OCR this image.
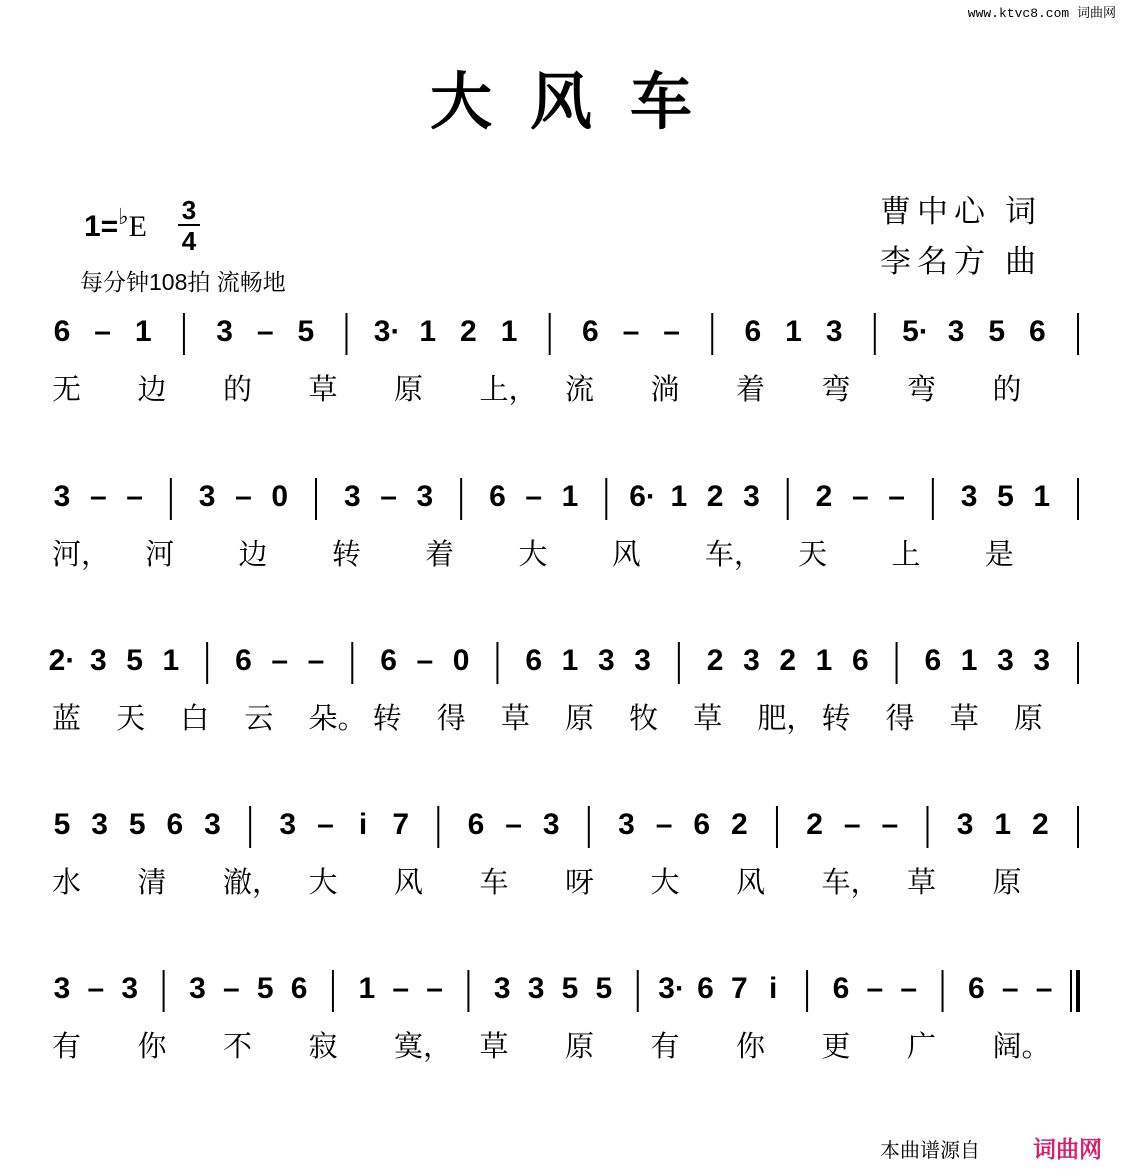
www.ktvc8.com 词曲网
大风车
1=♭E 3
4
每分钟108拍 流畅地
曹中心 词
李名方 曲
6 – 1 3 – 5 3· 1 2 1 6 – – 6 1 3 5· 3 5 6
无 边 的 草 原 上， 流 淌 着 弯 弯 的
3 – – 3 – 0 3 – 3 6 – 1 6· 1 2 3 2 – – 3 5 1
河， 河 边 转 着 大 风 车， 天 上 是
2· 3 5 1 6 – – 6 – 0 6 1 3 3 2 3 2 1 6 6 1 3 3
蓝 天 白 云 朵。 转 得 草 原 牧 草 肥， 转 得 草 原
5 3 5 6 3 3 – i 7 6 – 3 3 – 6 2 2 – – 3 1 2
水 清 澈， 大 风 车 呀 大 风 车， 草 原
3 – 3 3 – 5 6 1 – – 3 3 5 5 3· 6 7 i 6 – – 6 – –
有 你 不 寂 寞， 草 原 有 你 更 广 阔。
本曲谱源自 词曲网
